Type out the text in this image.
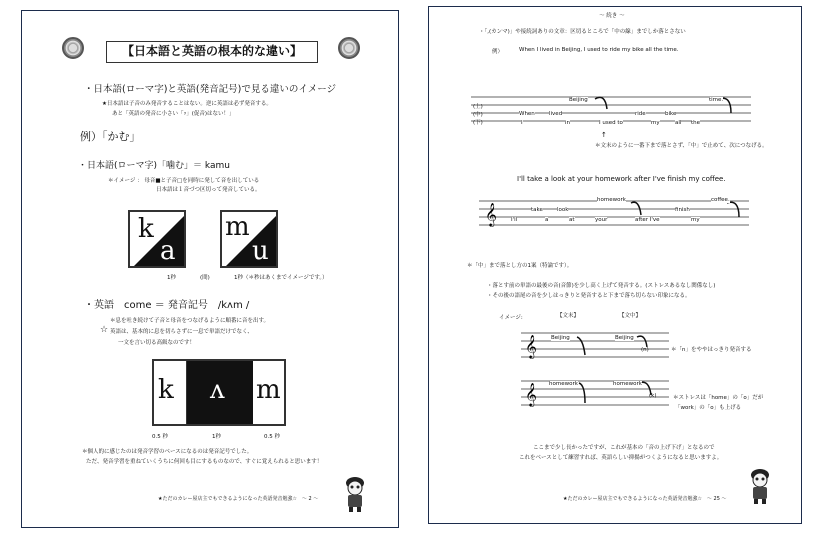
【日本語と英語の根本的な違い】
・日本語(ローマ字)と英語(発音記号)で見る違いのイメージ
★日本語は子音のみ発音することはない。逆に英語は必ず発音する。
あと「英語の発音に小さい「ｯ」(促音)はない！」
例）「かむ」
・日本語(ローマ字)「噛む」＝ kamu
＊イメージ ： 母音■と子音□を同時に発して音を出している
日本語は１音づつ区切って発音している。
k
a
m
u
1秒	(間)	1秒（＊秒はあくまでイメージです。）
・英語　come ＝ 発音記号　/kʌm /
＊息を吐き続けて子音と母音をつなげるように順番に音を出す。
☆ 英語は、基本的に息を切らさずに一息で単語だけでなく、
一文を言い切る高級なのです！
k ʌ m
0.5 秒	1秒	0.5 秒
＊個人的に感じたのは発音学習のベースになるのは発音記号でした。
ただ、発音学習を重ねていくうちに何回も目にするものなので、すぐに覚えられると思います！
★ただのカレー屋店主でもできるようになった英語発音勉強☆　～ 2 ～
～ 続き ～
・「,(カンマ)」や接続詞ありの文章：区切るところで「中の線」までしか落とさない
例）	When I lived in Beijing, I used to ride my bike all the time.
(上)
(中)
(下)
Beijing	time.
When	lived	ride	bike
I	in	I used to	my	all the
↑
＊文末のように一番下まで落とさず、「中」で止めて、次につなげる。
I'll take a look at your homework after I've finish my coffee.
𝄞
homework	coffee.
take	look	finish
I'll	a	at	your	after I've	my
＊「中」まで落とし方の1案（特論です）。
・落とす前の単語の最後の音(音節)を少し高く上げて発音する。(ストレスあるなし関係なし)
・その後の語尾の音を少しはっきりと発音すると下まで落ち切らない印象になる。
イメージ:	【文末】	【文中】
𝄞	Beijing	Beijing
(n)	＊「n」をややはっきり発音する
𝄞 homework	homework
(k)	＊ストレスは「home」の「o」だが
「work」の「o」も上げる
ここまで少し長かったですが、これが基本の「音の上げ下げ」となるので
これをベースとして練習すれば、英語らしい抑揚がつくようになると思いますよ。
★ただのカレー屋店主でもできるようになった英語発音勉強☆　～ 25 ～
